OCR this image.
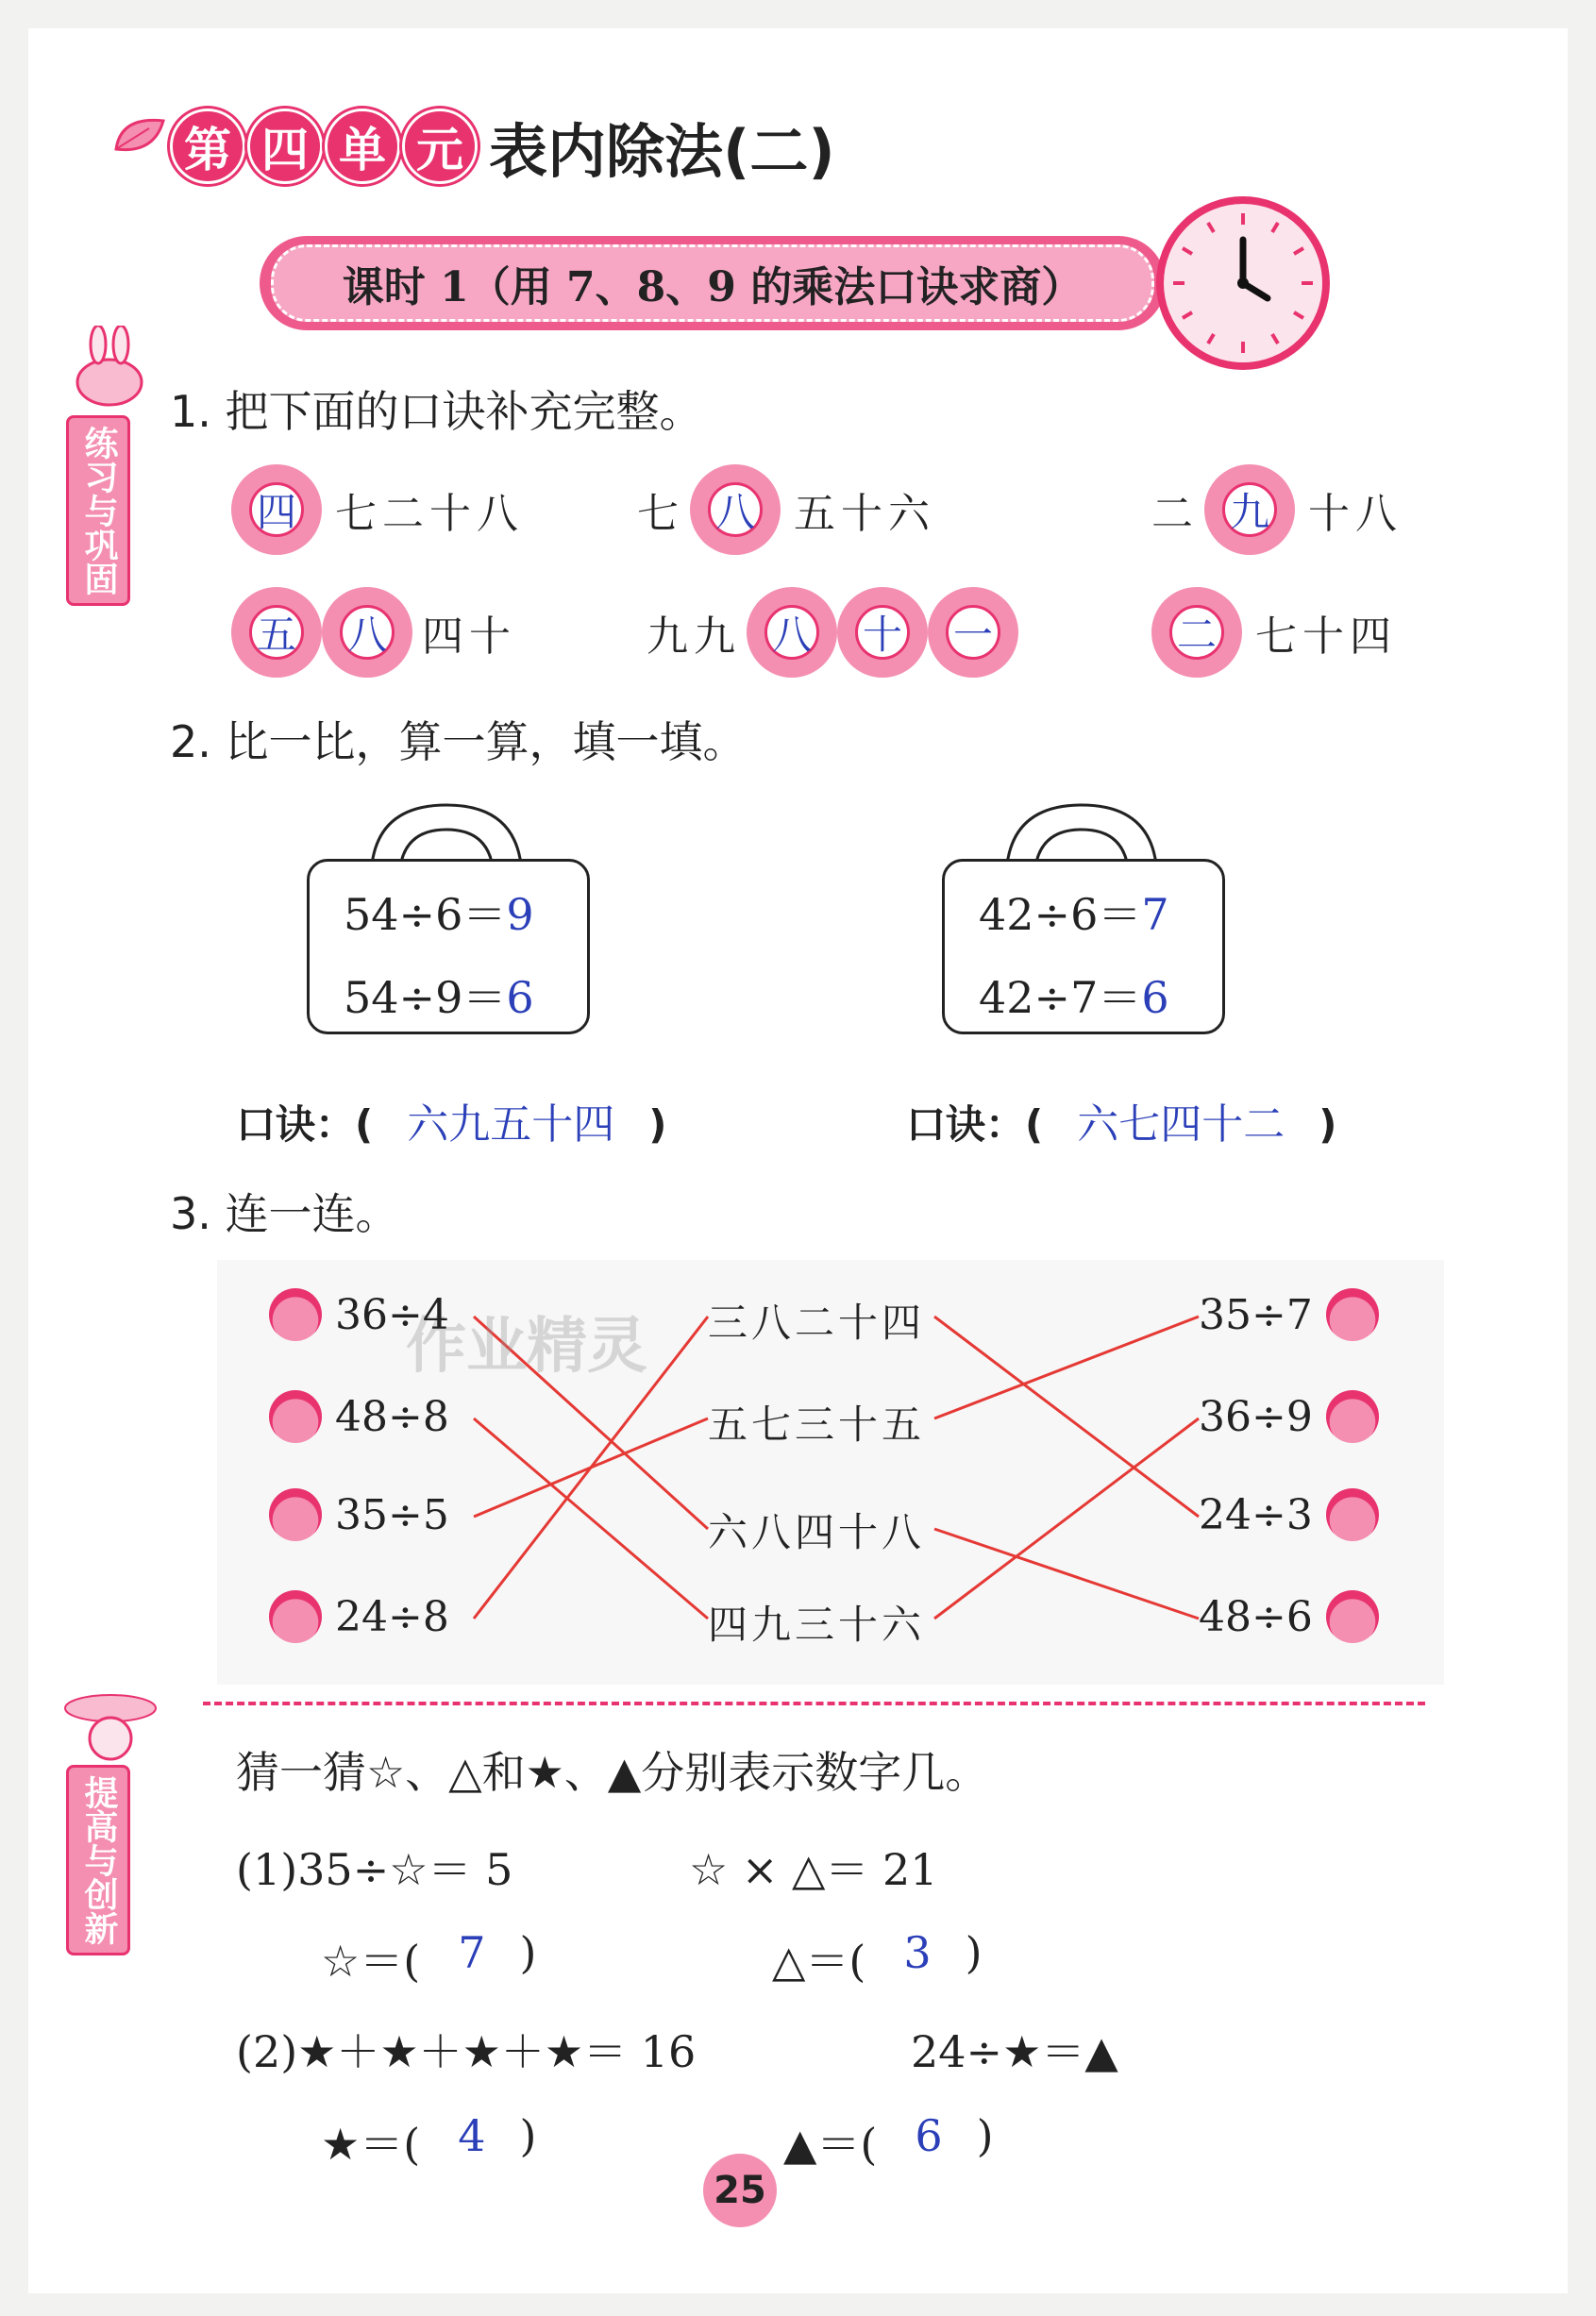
第 四 单 元 表内除法(二)
课时 1（用 7、8、9 的乘法口诀求商）
练习与巩固
1. 把下面的口诀补充完整。
四 七二十八	七 八 五十六	二 九 十八
五 八 四十	九九 八 十 一	二 七十四
2. 比一比，算一算，填一填。
54÷6＝9
54÷9＝6
口诀：( 六九五十四 )
42÷6＝7
42÷7＝6
口诀：( 六七四十二 )
3. 连一连。
作业精灵
36÷4
48÷8
35÷5
24÷8
三八二十四
五七三十五
六八四十八
四九三十六
35÷7
36÷9
24÷3
48÷6
提高与创新
猜一猜☆、△和★、▲分别表示数字几。
(1)35÷☆＝ 5	☆ × △＝ 21
☆＝( 7 )	△＝( 3 )
(2)★＋★＋★＋★＝ 16	24÷★＝▲
★＝( 4 )	▲＝( 6 )
25
